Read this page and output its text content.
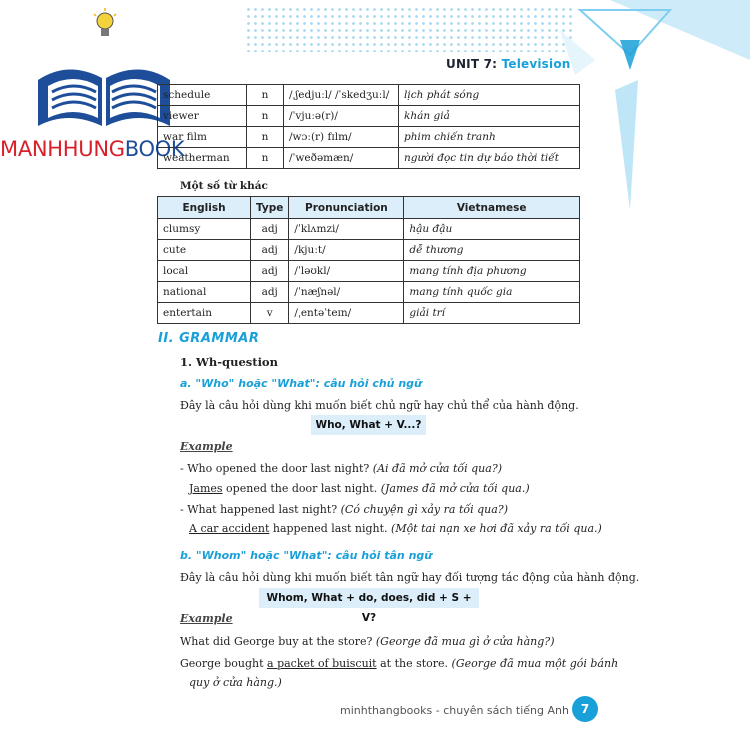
MANHHUNGBOOK
UNIT 7: Television
schedule	n	/ˌʃedjuːl/ /ˈskedʒuːl/	lịch phát sóng
viewer	n	/ˈvjuːə(r)/	khán giả
war film	n	/wɔː(r) fɪlm/	phim chiến tranh
weatherman	n	/ˈweðəmæn/	người đọc tin dự báo thời tiết
Một số từ khác
English	Type	Pronunciation	Vietnamese
clumsy	adj	/ˈklʌmzi/	hậu đậu
cute	adj	/kjuːt/	dễ thương
local	adj	/ˈləʊkl/	mang tính địa phương
national	adj	/ˈnæʃnəl/	mang tính quốc gia
entertain	v	/ˌentəˈteɪn/	giải trí
II. GRAMMAR
1. Wh-question
a. "Who" hoặc "What": câu hỏi chủ ngữ
Đây là câu hỏi dùng khi muốn biết chủ ngữ hay chủ thể của hành động.
Who, What + V...?
Example
- Who opened the door last night? (Ai đã mở cửa tối qua?)
James opened the door last night. (James đã mở cửa tối qua.)
- What happened last night? (Có chuyện gì xảy ra tối qua?)
A car accident happened last night. (Một tai nạn xe hơi đã xảy ra tối qua.)
b. "Whom" hoặc "What": câu hỏi tân ngữ
Đây là câu hỏi dùng khi muốn biết tân ngữ hay đối tượng tác động của hành động.
Whom, What + do, does, did + S + V?
Example
What did George buy at the store? (George đã mua gì ở cửa hàng?)
George bought a packet of buiscuit at the store. (George đã mua một gói bánh
quy ở cửa hàng.)
minhthangbooks - chuyên sách tiếng Anh 7
